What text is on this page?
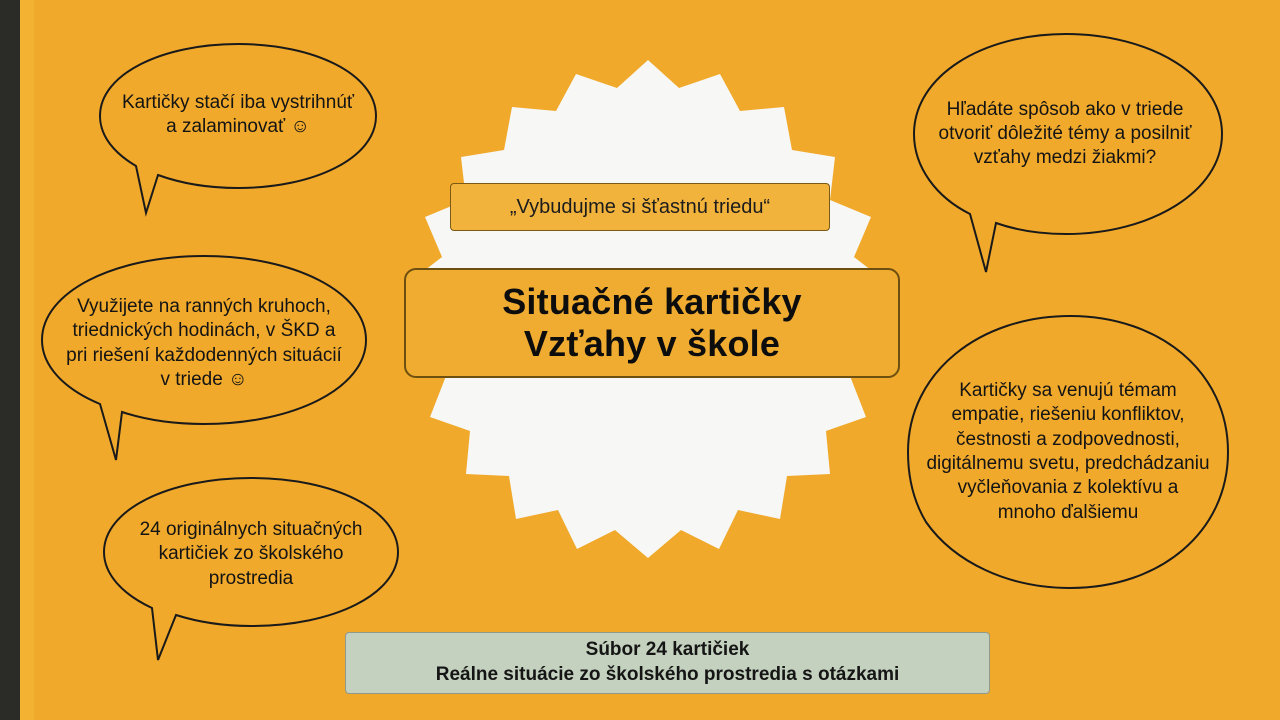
„Vybudujme si šťastnú triedu“
Situačné kartičky
Vzťahy v škole
Kartičky stačí iba vystrihnúť a zalaminovať ☺
Využijete na ranných kruhoch, triednických hodinách, v ŠKD a pri riešení každodenných situácií v triede ☺
24 originálnych situačných kartičiek zo školského prostredia
Hľadáte spôsob ako v triede otvoriť dôležité témy a posilniť vzťahy medzi žiakmi?
Kartičky sa venujú témam empatie, riešeniu konfliktov, čestnosti a zodpovednosti, digitálnemu svetu, predchádzaniu vyčleňovania z kolektívu a mnoho ďalšiemu
Súbor 24 kartičiek
Reálne situácie zo školského prostredia s otázkami
